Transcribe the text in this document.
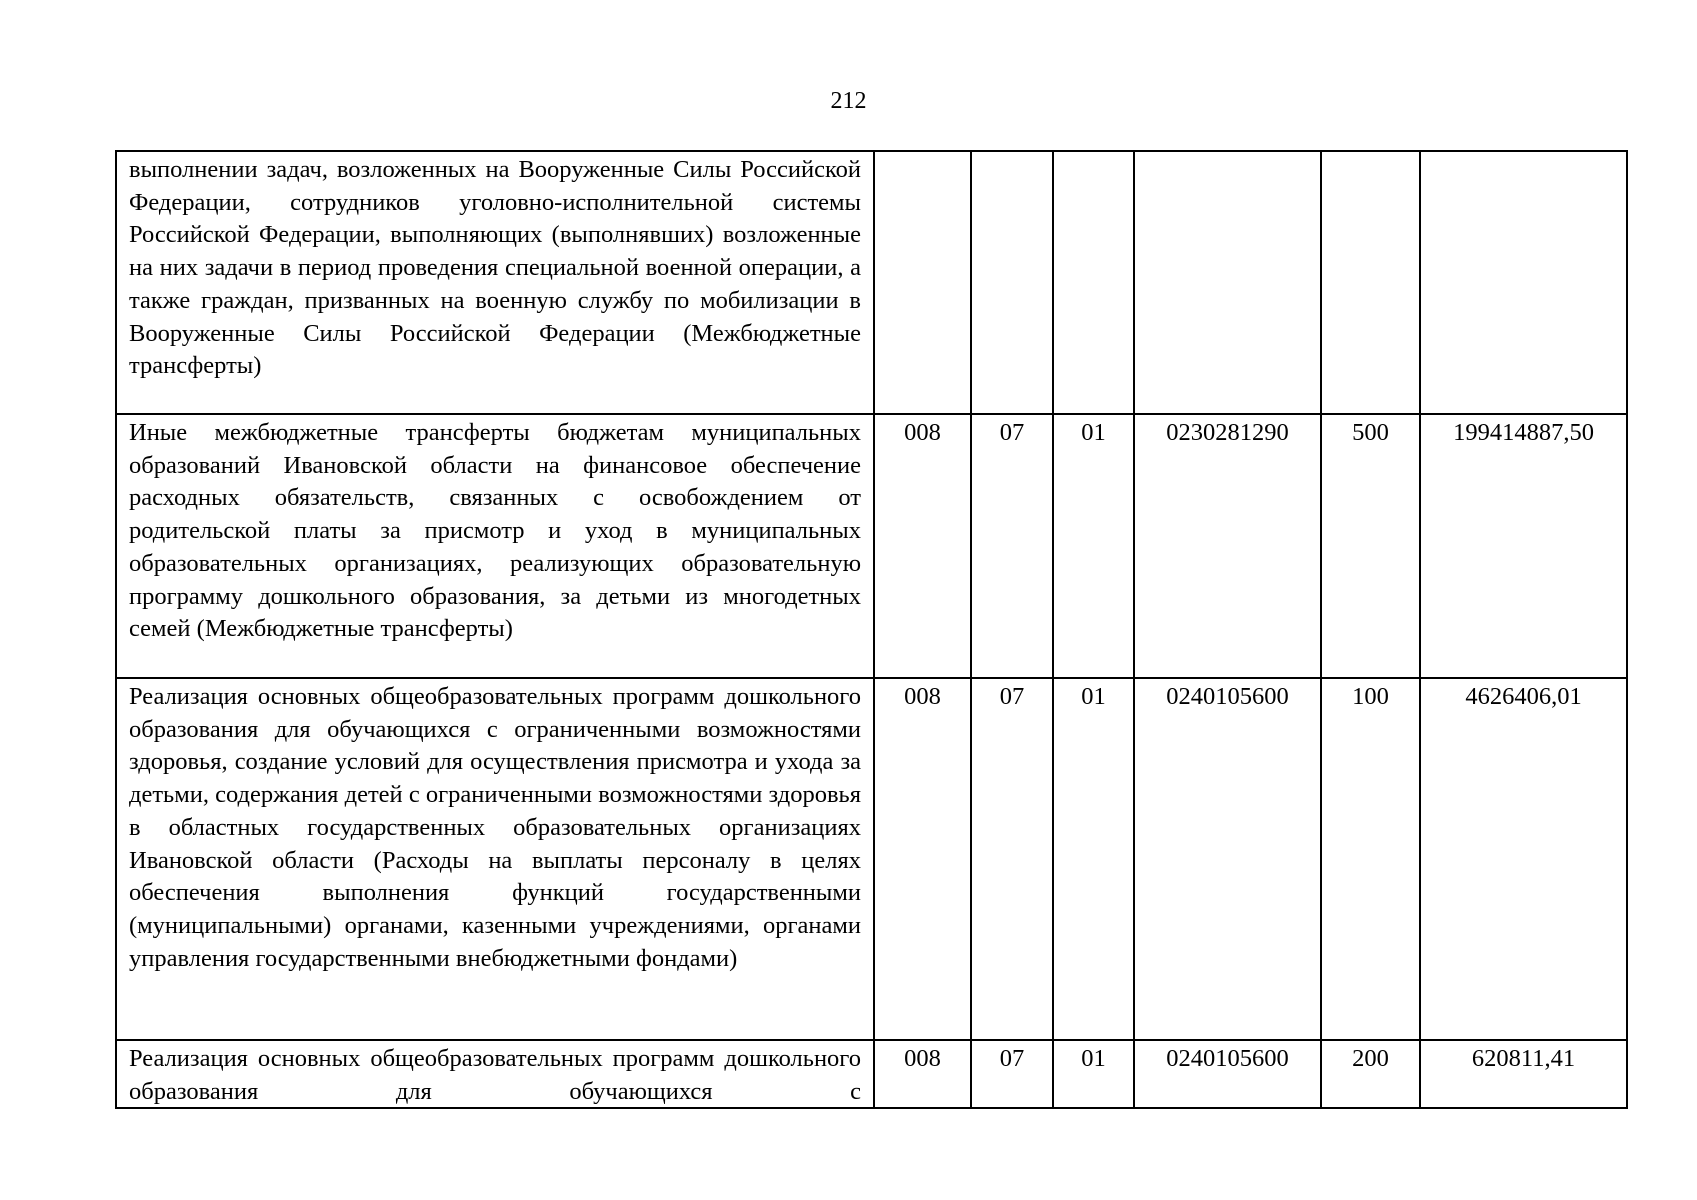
212
выполнении задач, возложенных на Вооруженные Силы Российской Федерации, сотрудников уголовно-исполнительной системы Российской Федерации, выполняющих (выполнявших) возложенные на них задачи в период проведения специальной военной операции, а также граждан, призванных на военную службу по мобилизации в Вооруженные Силы Российской Федерации (Межбюджетные трансферты)						
Иные межбюджетные трансферты бюджетам муниципальных образований Ивановской области на финансовое обеспечение расходных обязательств, связанных с освобождением от родительской платы за присмотр и уход в муниципальных образовательных организациях, реализующих образовательную программу дошкольного образования, за детьми из многодетных семей (Межбюджетные трансферты)	008	07	01	0230281290	500	199414887,50
Реализация основных общеобразовательных программ дошкольного образования для обучающихся с ограниченными возможностями здоровья, создание условий для осуществления присмотра и ухода за детьми, содержания детей с ограниченными возможностями здоровья в областных государственных образовательных организациях Ивановской области (Расходы на выплаты персоналу в целях обеспечения выполнения функций государственными (муниципальными) органами, казенными учреждениями, органами управления государственными внебюджетными фондами)	008	07	01	0240105600	100	4626406,01

Реализация основных общеобразовательных программ дошкольного образования для обучающихся с	008	07	01	0240105600	200	620811,41
